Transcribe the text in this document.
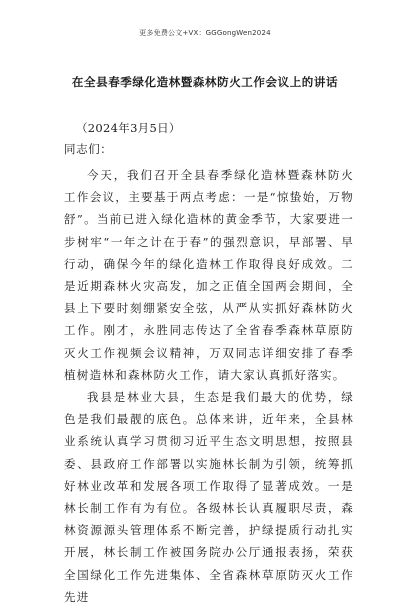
更多免费公文+VX：GGGongWen2024
在全县春季绿化造林暨森林防火工作会议上的讲话
（2024年3月5日）
同志们：

今天，我们召开全县春季绿化造林暨森林防火工作会议，主要基于两点考虑：一是“惊蛰始，万物舒”。当前已进入绿化造林的黄金季节，大家要进一步树牢“一年之计在于春”的强烈意识，早部署、早行动，确保今年的绿化造林工作取得良好成效。二是近期森林火灾高发，加之正值全国两会期间，全县上下要时刻绷紧安全弦，从严从实抓好森林防火工作。刚才，永胜同志传达了全省春季森林草原防灭火工作视频会议精神，万双同志详细安排了春季植树造林和森林防火工作，请大家认真抓好落实。

我县是林业大县，生态是我们最大的优势，绿色是我们最靓的底色。总体来讲，近年来，全县林业系统认真学习贯彻习近平生态文明思想，按照县委、县政府工作部署以实施林长制为引领，统筹抓好林业改革和发展各项工作取得了显著成效。一是林长制工作有为有位。各级林长认真履职尽责，森林资源源头管理体系不断完善，护绿提质行动扎实开展，林长制工作被国务院办公厅通报表扬，荣获全国绿化工作先进集体、全省森林草原防灭火工作先进
